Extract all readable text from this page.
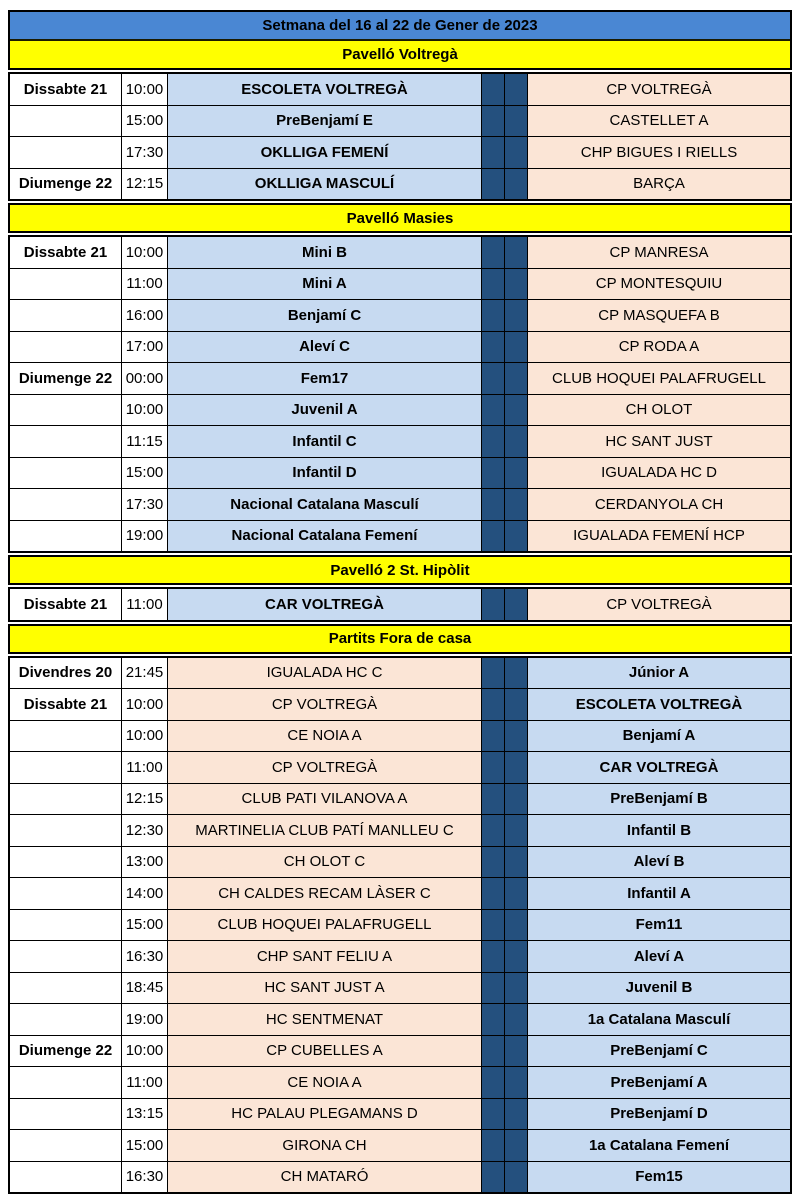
Setmana del 16 al 22 de Gener de 2023
Pavelló Voltregà
Dissabte 21	10:00	ESCOLETA VOLTREGÀ	CP VOLTREGÀ
15:00	PreBenjamí E	CASTELLET A
17:30	OKLLIGA FEMENÍ	CHP BIGUES I RIELLS
Diumenge 22 12:15	OKLLIGA MASCULÍ	BARÇA
Pavelló Masies
Dissabte 21	10:00	Mini B	CP MANRESA
11:00	Mini A	CP MONTESQUIU
16:00	Benjamí C	CP MASQUEFA B
17:00	Aleví C	CP RODA A
Diumenge 22 00:00	Fem17	CLUB HOQUEI PALAFRUGELL
10:00	Juvenil A	CH OLOT
11:15	Infantil C	HC SANT JUST
15:00	Infantil D	IGUALADA HC D
17:30	Nacional Catalana Masculí	CERDANYOLA CH
19:00	Nacional Catalana Femení	IGUALADA FEMENÍ HCP
Pavelló 2 St. Hipòlit
Dissabte 21	11:00	CAR VOLTREGÀ	CP VOLTREGÀ
Partits Fora de casa
Divendres 20 21:45	IGUALADA HC C	Júnior A
Dissabte 21	10:00	CP VOLTREGÀ	ESCOLETA VOLTREGÀ
10:00	CE NOIA A	Benjamí A
11:00	CP VOLTREGÀ	CAR VOLTREGÀ
12:15	CLUB PATI VILANOVA A	PreBenjamí B
12:30	MARTINELIA CLUB PATÍ MANLLEU C	Infantil B
13:00	CH OLOT C	Aleví B
14:00	CH CALDES RECAM LÀSER C	Infantil A
15:00	CLUB HOQUEI PALAFRUGELL	Fem11
16:30	CHP SANT FELIU A	Aleví A
18:45	HC SANT JUST A	Juvenil B
19:00	HC SENTMENAT	1a Catalana Masculí
Diumenge 22 10:00	CP CUBELLES A	PreBenjamí C
11:00	CE NOIA A	PreBenjamí A
13:15	HC PALAU PLEGAMANS D	PreBenjamí D
15:00	GIRONA CH	1a Catalana Femení
16:30	CH MATARÓ	Fem15
